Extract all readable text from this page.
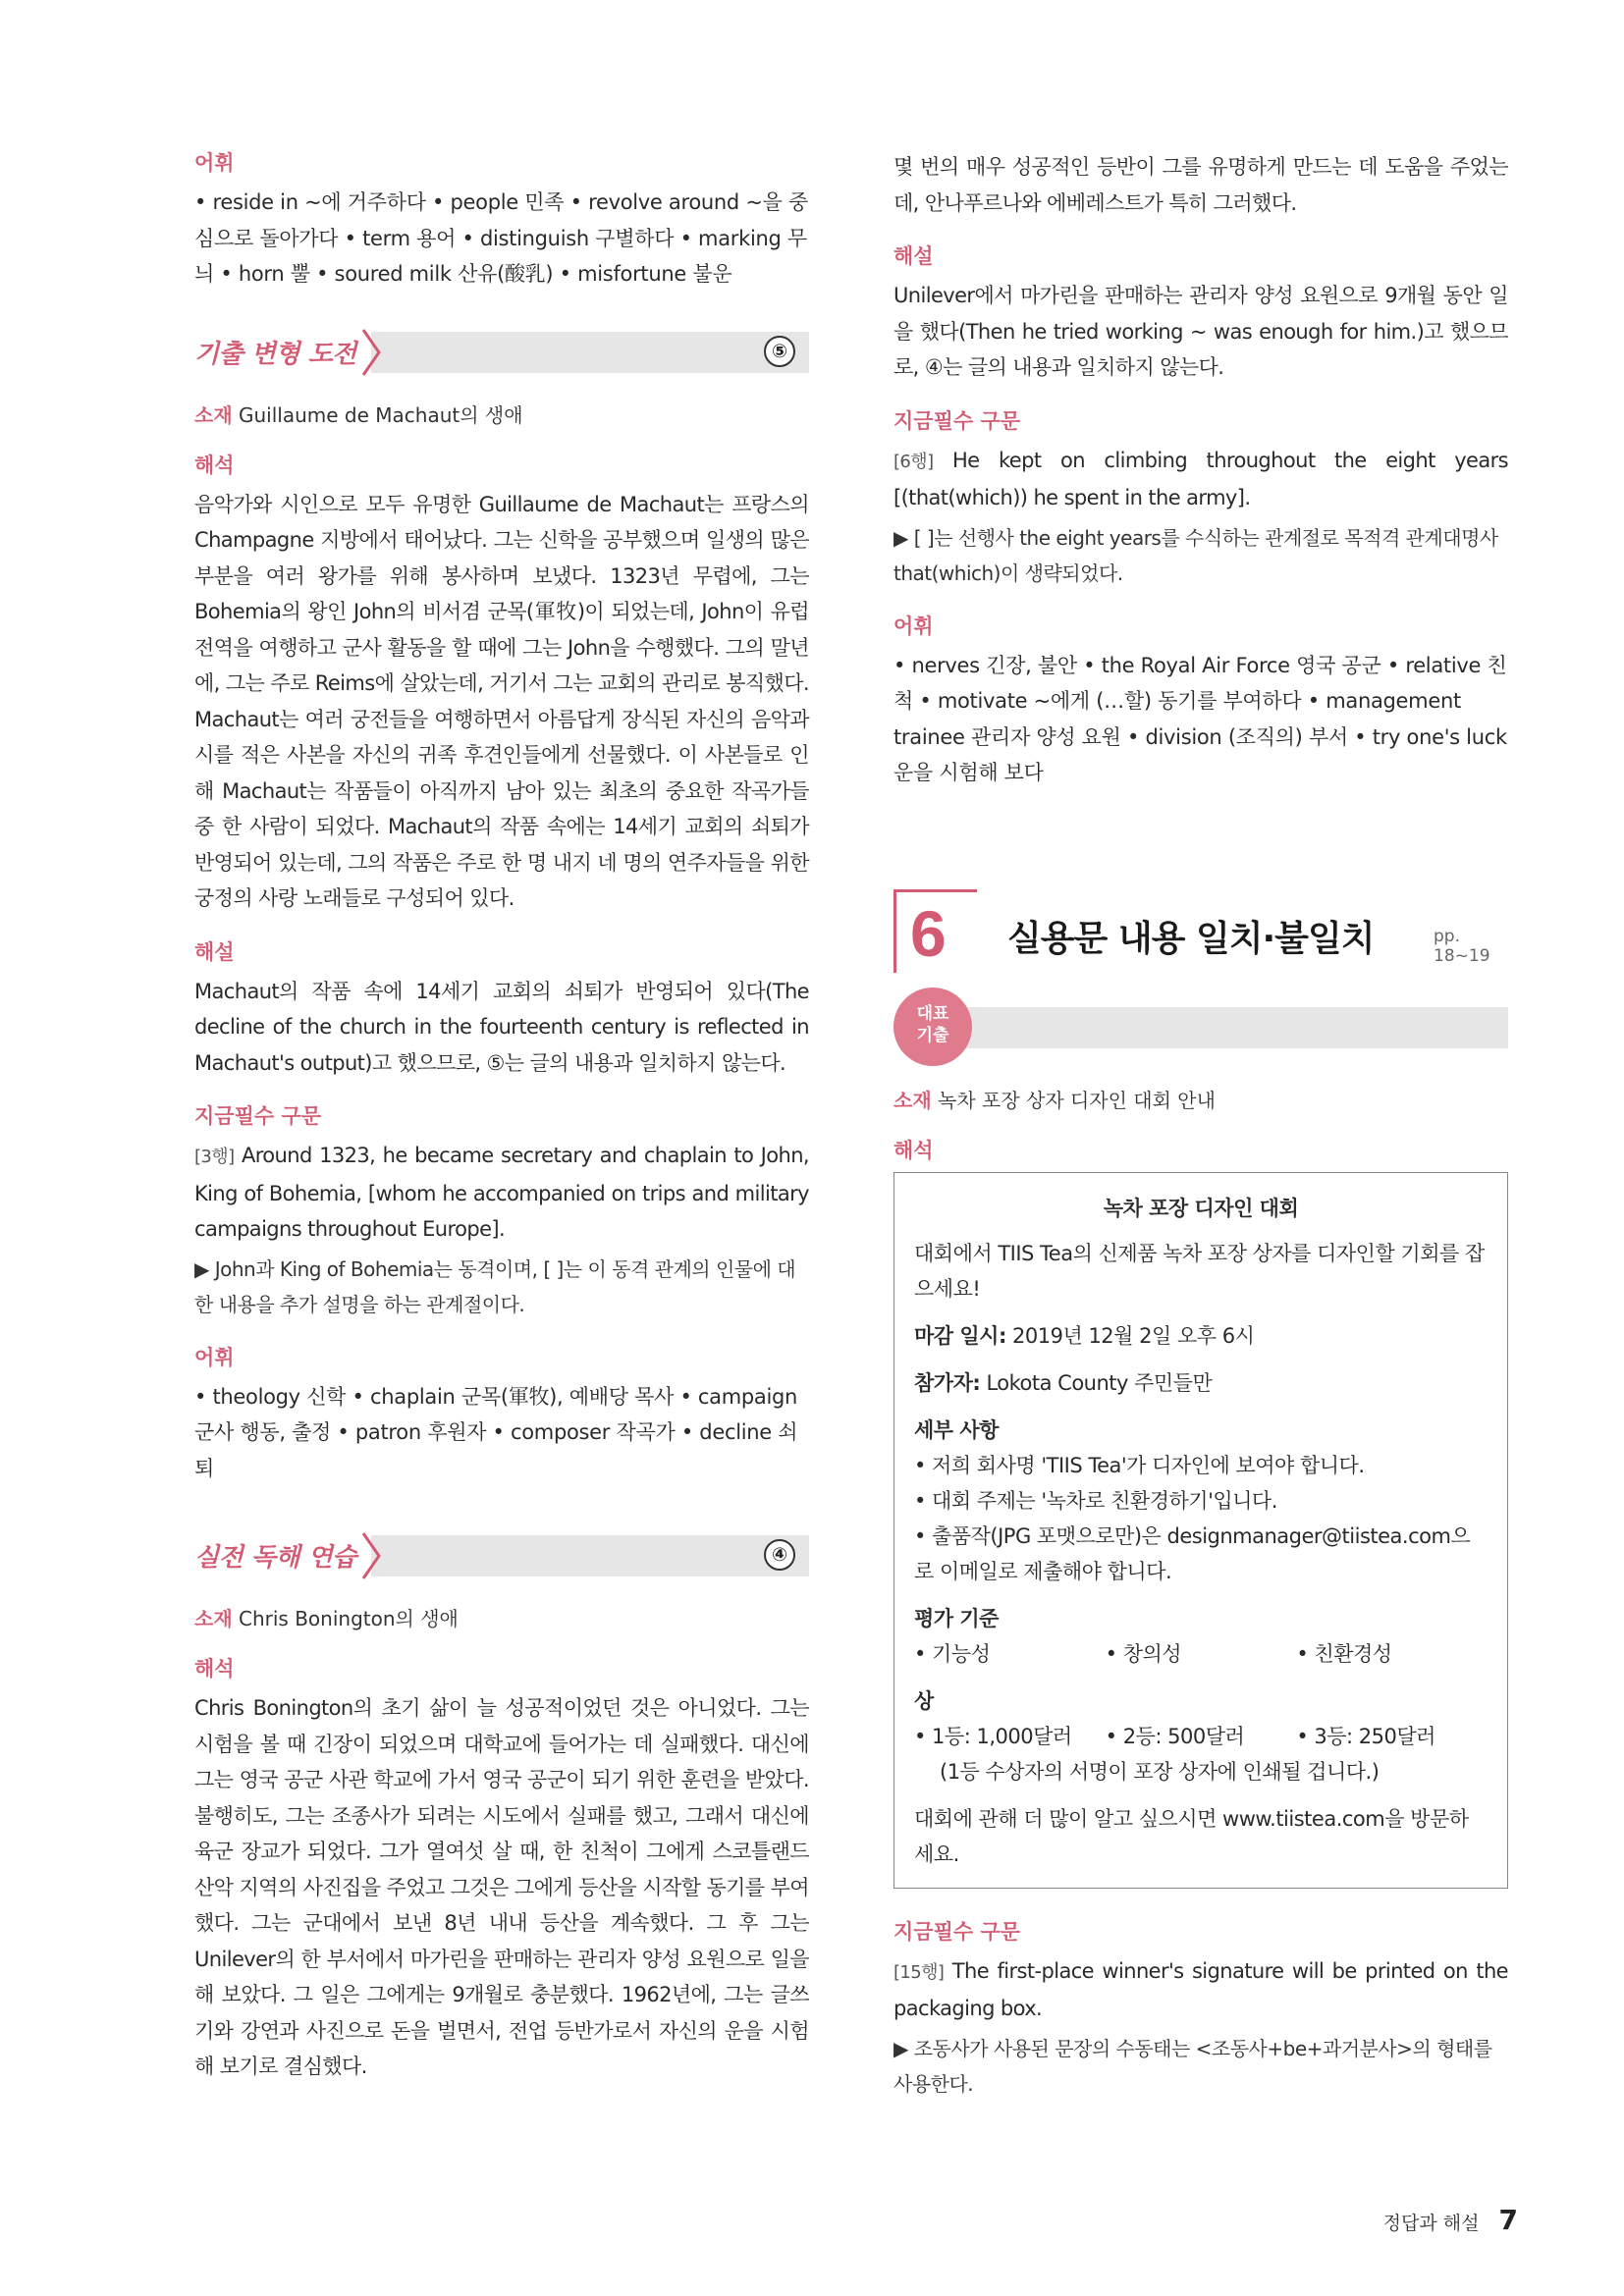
어휘
• reside in ~에 거주하다 • people 민족 • revolve around ~을 중심으로 돌아가다 • term 용어 • distinguish 구별하다 • marking 무늬 • horn 뿔 • soured milk 산유(酸乳) • misfortune 불운
기출 변형 도전	⑤
소재 Guillaume de Machaut의 생애
해석
음악가와 시인으로 모두 유명한 Guillaume de Machaut는 프랑스의 Champagne 지방에서 태어났다. 그는 신학을 공부했으며 일생의 많은 부분을 여러 왕가를 위해 봉사하며 보냈다. 1323년 무렵에, 그는 Bohemia의 왕인 John의 비서겸 군목(軍牧)이 되었는데, John이 유럽 전역을 여행하고 군사 활동을 할 때에 그는 John을 수행했다. 그의 말년에, 그는 주로 Reims에 살았는데, 거기서 그는 교회의 관리로 봉직했다. Machaut는 여러 궁전들을 여행하면서 아름답게 장식된 자신의 음악과 시를 적은 사본을 자신의 귀족 후견인들에게 선물했다. 이 사본들로 인해 Machaut는 작품들이 아직까지 남아 있는 최초의 중요한 작곡가들 중 한 사람이 되었다. Machaut의 작품 속에는 14세기 교회의 쇠퇴가 반영되어 있는데, 그의 작품은 주로 한 명 내지 네 명의 연주자들을 위한 궁정의 사랑 노래들로 구성되어 있다.
해설
Machaut의 작품 속에 14세기 교회의 쇠퇴가 반영되어 있다(The decline of the church in the fourteenth century is reflected in Machaut's output)고 했으므로, ⑤는 글의 내용과 일치하지 않는다.
지금필수 구문
[3행] Around 1323, he became secretary and chaplain to John, King of Bohemia, [whom he accompanied on trips and military campaigns throughout Europe].
▶ John과 King of Bohemia는 동격이며, [ ]는 이 동격 관계의 인물에 대한 내용을 추가 설명을 하는 관계절이다.
어휘
• theology 신학 • chaplain 군목(軍牧), 예배당 목사 • campaign 군사 행동, 출정 • patron 후원자 • composer 작곡가 • decline 쇠퇴
실전 독해 연습	④
소재 Chris Bonington의 생애
해석
Chris Bonington의 초기 삶이 늘 성공적이었던 것은 아니었다. 그는 시험을 볼 때 긴장이 되었으며 대학교에 들어가는 데 실패했다. 대신에 그는 영국 공군 사관 학교에 가서 영국 공군이 되기 위한 훈련을 받았다. 불행히도, 그는 조종사가 되려는 시도에서 실패를 했고, 그래서 대신에 육군 장교가 되었다. 그가 열여섯 살 때, 한 친척이 그에게 스코틀랜드 산악 지역의 사진집을 주었고 그것은 그에게 등산을 시작할 동기를 부여했다. 그는 군대에서 보낸 8년 내내 등산을 계속했다. 그 후 그는 Unilever의 한 부서에서 마가린을 판매하는 관리자 양성 요원으로 일을 해 보았다. 그 일은 그에게는 9개월로 충분했다. 1962년에, 그는 글쓰기와 강연과 사진으로 돈을 벌면서, 전업 등반가로서 자신의 운을 시험해 보기로 결심했다.
몇 번의 매우 성공적인 등반이 그를 유명하게 만드는 데 도움을 주었는데, 안나푸르나와 에베레스트가 특히 그러했다.
해설
Unilever에서 마가린을 판매하는 관리자 양성 요원으로 9개월 동안 일을 했다(Then he tried working ~ was enough for him.)고 했으므로, ④는 글의 내용과 일치하지 않는다.
지금필수 구문
[6행] He kept on climbing throughout the eight years [(that(which)) he spent in the army].
▶ [ ]는 선행사 the eight years를 수식하는 관계절로 목적격 관계대명사 that(which)이 생략되었다.
어휘
• nerves 긴장, 불안 • the Royal Air Force 영국 공군 • relative 친척 • motivate ~에게 (…할) 동기를 부여하다 • management trainee 관리자 양성 요원 • division (조직의) 부서 • try one's luck 운을 시험해 보다
6 실용문 내용 일치·불일치	pp. 18~19
대표
기출
소재 녹차 포장 상자 디자인 대회 안내
해석
녹차 포장 디자인 대회

대회에서 TIIS Tea의 신제품 녹차 포장 상자를 디자인할 기회를 잡으세요!

마감 일시: 2019년 12월 2일 오후 6시

참가자: Lokota County 주민들만

세부 사항

• 저희 회사명 'TIIS Tea'가 디자인에 보여야 합니다.

• 대회 주제는 '녹차로 친환경하기'입니다.

• 출품작(JPG 포맷으로만)은 designmanager@tiistea.com으로 이메일로 제출해야 합니다.

평가 기준

• 기능성	• 창의성	• 친환경성

상

• 1등: 1,000달러	• 2등: 500달러	• 3등: 250달러

(1등 수상자의 서명이 포장 상자에 인쇄될 겁니다.)

대회에 관해 더 많이 알고 싶으시면 www.tiistea.com을 방문하세요.

지금필수 구문
[15행] The first-place winner's signature will be printed on the packaging box.
▶ 조동사가 사용된 문장의 수동태는 <조동사+be+과거분사>의 형태를 사용한다.
정답과 해설 7
